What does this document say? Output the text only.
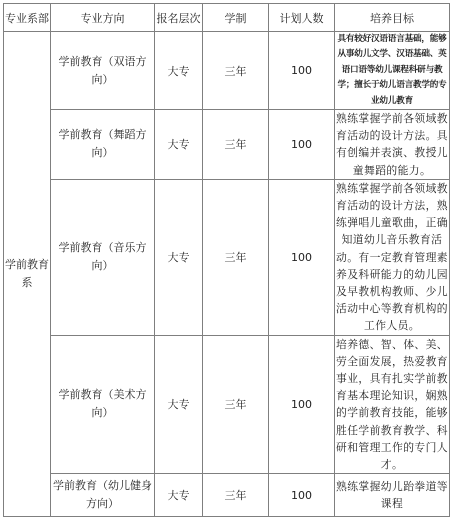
专业系部	专业方向	报名层次	学制	计划人数	培养目标
学前教育系	学前教育（双语方向）	大专	三年	100	具有较好汉语语言基础，能够从事幼儿文学、汉语基础、英语口语等幼儿课程科研与教学；擅长于幼儿语言教学的专业幼儿教育

	学前教育（舞蹈方向）	大专	三年	100	熟练掌握学前各领域教育活动的设计方法。具有创编并表演、教授儿童舞蹈的能力。

	学前教育（音乐方向）	大专	三年	100	熟练掌握学前各领域教育活动的设计方法，熟练弹唱儿童歌曲，正确知道幼儿音乐教育活动。有一定教育管理素养及科研能力的幼儿园及早教机构教师、少儿活动中心等教育机构的
工作人员。

	学前教育（美术方向）	大专	三年	100	培养德、智、体、美、劳全面发展，热爱教育事业，具有扎实学前教育基本理论知识，娴熟的学前教育技能，能够胜任学前教育教学、科研和管理工作的专门人
才。

	学前教育（幼儿健身方向）	大专	三年	100	熟练掌握幼儿跆拳道等
课程
